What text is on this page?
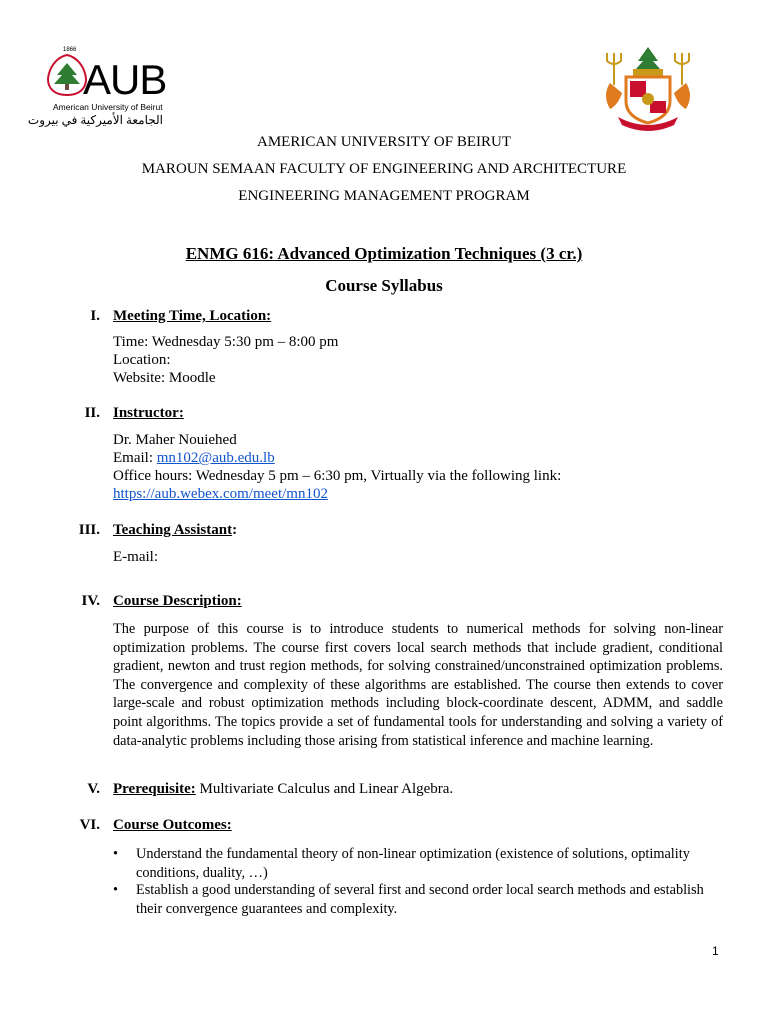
1866
AUB
American University of Beirut
الجامعة الأميركية في بيروت
AMERICAN UNIVERSITY OF BEIRUT
MAROUN SEMAAN FACULTY OF ENGINEERING AND ARCHITECTURE
ENGINEERING MANAGEMENT PROGRAM
ENMG 616: Advanced Optimization Techniques (3 cr.)
Course Syllabus
I. Meeting Time, Location:
Time: Wednesday 5:30 pm – 8:00 pm
Location:
Website: Moodle
II. Instructor:
Dr. Maher Nouiehed
Email: mn102@aub.edu.lb
Office hours: Wednesday 5 pm – 6:30 pm, Virtually via the following link:
https://aub.webex.com/meet/mn102
III. Teaching Assistant:
E-mail:
IV. Course Description:
The purpose of this course is to introduce students to numerical methods for solving non-linear optimization problems. The course first covers local search methods that include gradient, conditional gradient, newton and trust region methods, for solving constrained/unconstrained optimization problems. The convergence and complexity of these algorithms are established. The course then extends to cover large-scale and robust optimization methods including block-coordinate descent, ADMM, and saddle point algorithms. The topics provide a set of fundamental tools for understanding and solving a variety of data-analytic problems including those arising from statistical inference and machine learning.
V. Prerequisite: Multivariate Calculus and Linear Algebra.
VI. Course Outcomes:
• Understand the fundamental theory of non-linear optimization (existence of solutions, optimality conditions, duality, …)
• Establish a good understanding of several first and second order local search methods and establish their convergence guarantees and complexity.
1
